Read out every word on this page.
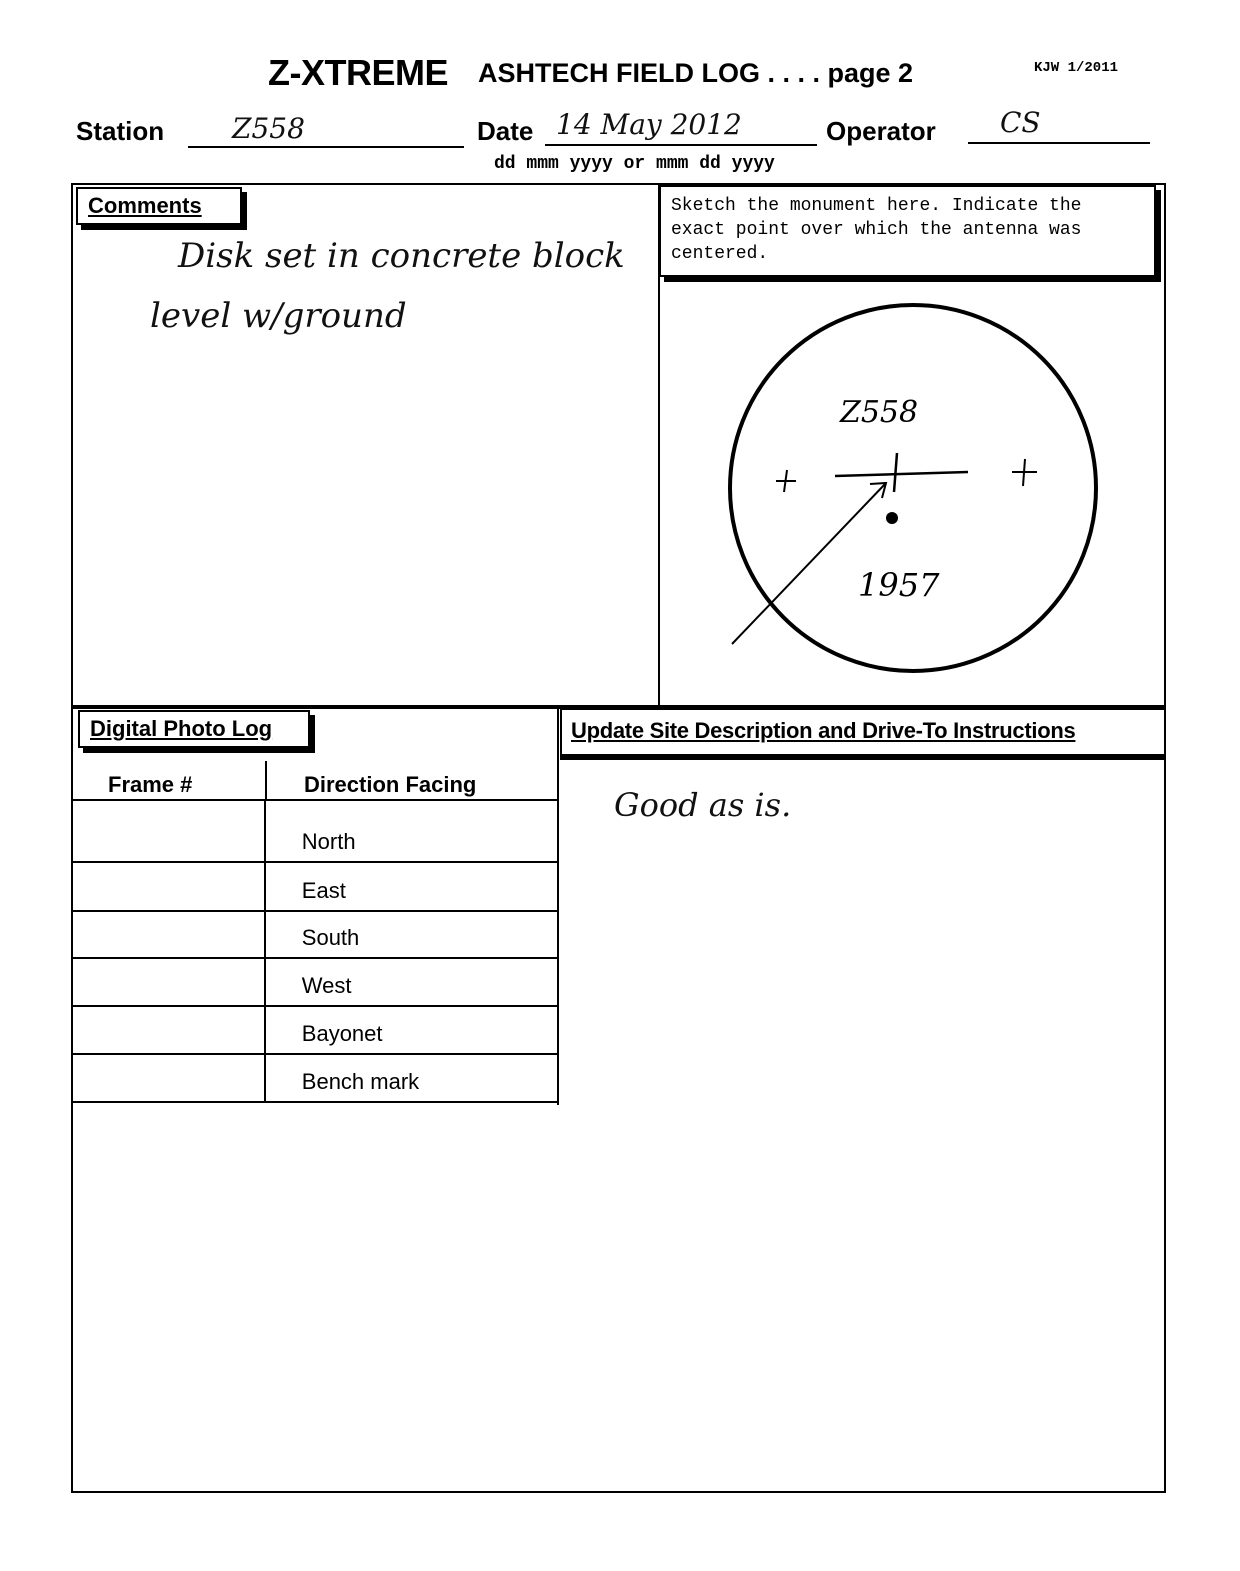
Z-XTREME ASHTECH FIELD LOG . . . . page 2	KJW 1/2011
Station Z558	Date 14 May 2012
dd mmm yyyy or mmm dd yyyy
Operator CS
Comments
Disk set in concrete block
level w/ground
Sketch the monument here. Indicate the exact point over which the antenna was centered.
Z558
1957
Digital Photo Log
Frame #	Direction Facing
	North
	East
	South
	West
	Bayonet
	Bench mark
Update Site Description and Drive-To Instructions
Good as is.
